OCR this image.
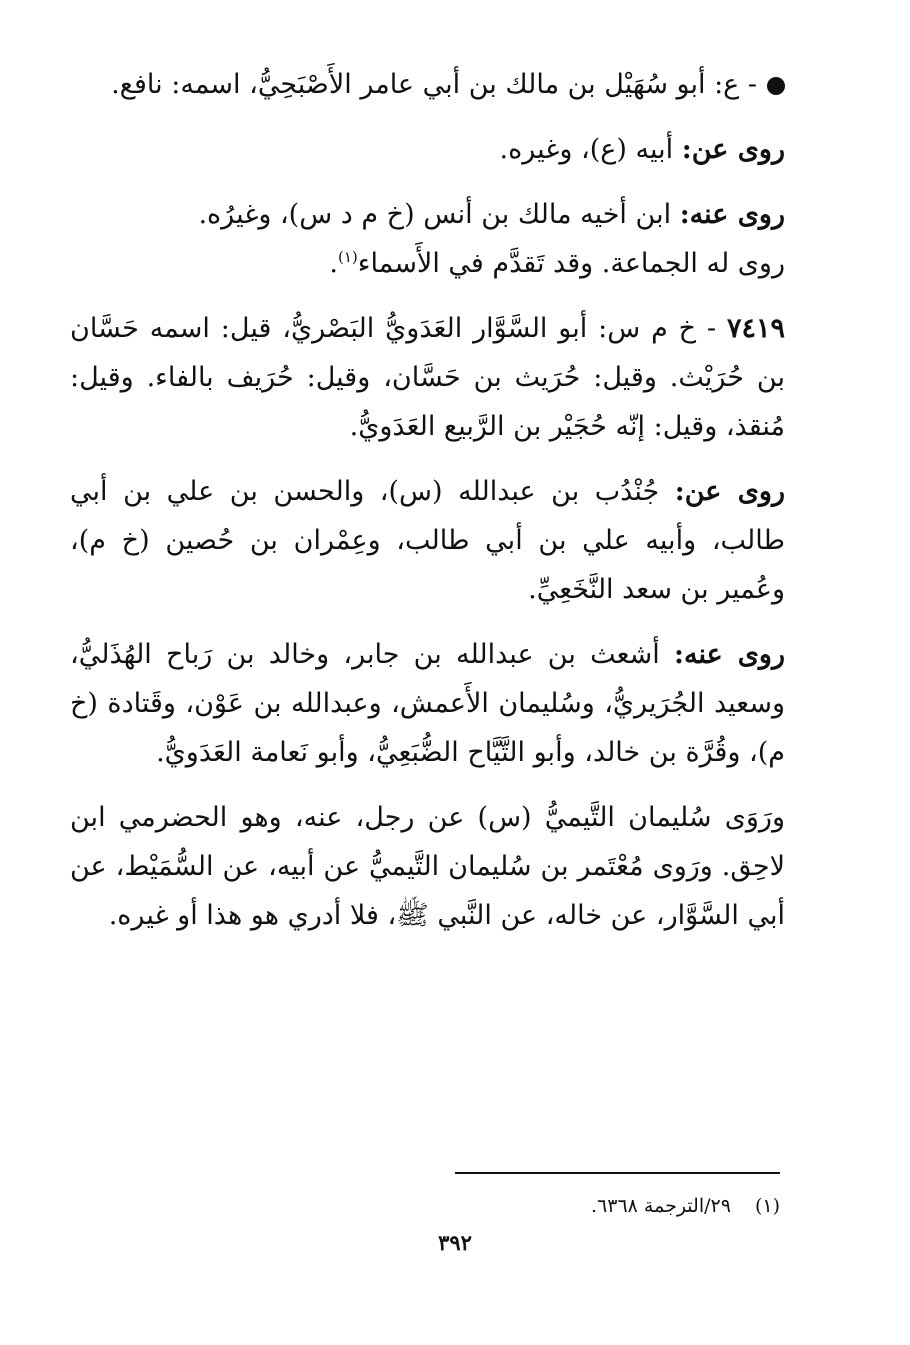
- ع: أبو سُهَيْل بن مالك بن أبي عامر الأَصْبَحِيُّ، اسمه: نافع.

روى عن: أبيه (ع)، وغيره.

روى عنه: ابن أخيه مالك بن أنس (خ م د س)، وغيرُه.

روى له الجماعة. وقد تَقدَّم في الأَسماء$^{(١)}$.

٧٤١٩ - خ م س: أبو السَّوَّار العَدَويُّ البَصْريُّ، قيل: اسمه حَسَّان بن حُرَيْث. وقيل: حُرَيث بن حَسَّان، وقيل: حُرَيف بالفاء. وقيل: مُنقذ، وقيل: إنّه حُجَيْر بن الرَّبيع العَدَويُّ.

روى عن: جُنْدُب بن عبدالله (س)، والحسن بن علي بن أبي طالب، وأبيه علي بن أبي طالب، وعِمْران بن حُصين (خ م)، وعُمير بن سعد النَّخَعِيِّ.

روى عنه: أشعث بن عبدالله بن جابر، وخالد بن رَباح الهُذَليُّ، وسعيد الجُرَيريُّ، وسُليمان الأَعمش، وعبدالله بن عَوْن، وقَتادة (خ م)، وقُرَّة بن خالد، وأبو التَّيَّاح الضُّبَعِيُّ، وأبو نَعامة العَدَويُّ.

ورَوَى سُليمان التَّيميُّ (س) عن رجل، عنه، وهو الحضرمي ابن لاحِق. ورَوى مُعْتَمر بن سُليمان التَّيميُّ عن أبيه، عن السُّمَيْط، عن أبي السَّوَّار، عن خاله، عن النَّبي ﷺ، فلا أدري هو هذا أو غيره.

(١)٢٩/الترجمة ٦٣٦٨.
٣٩٢
